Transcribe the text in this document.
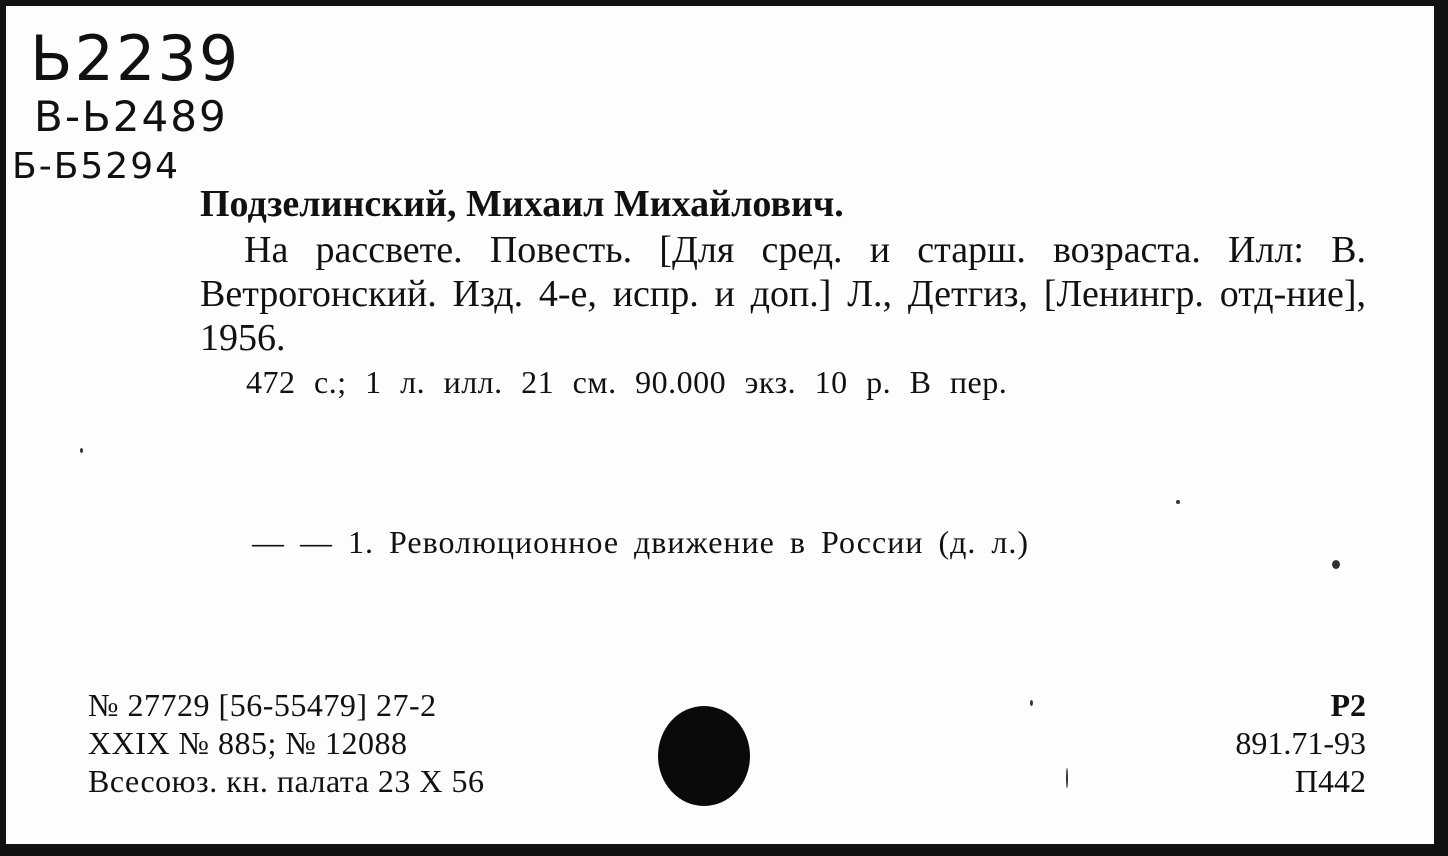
Ь2239
В-Ь2489
Б-Б5294
Подзелинский, Михаил Михайлович.
На рассвете. Повесть. [Для сред. и старш. возраста. Илл: В. Ветрогонский. Изд. 4-е, испр. и доп.] Л., Детгиз, [Ленингр. отд-ние], 1956.
472 с.; 1 л. илл. 21 см. 90.000 экз. 10 р. В пер.
— — 1. Революционное движение в России (д. л.)
№ 27729 [56-55479] 27-2
XXIX № 885; № 12088
Всесоюз. кн. палата 23 X 56
Р2
891.71-93
П442
